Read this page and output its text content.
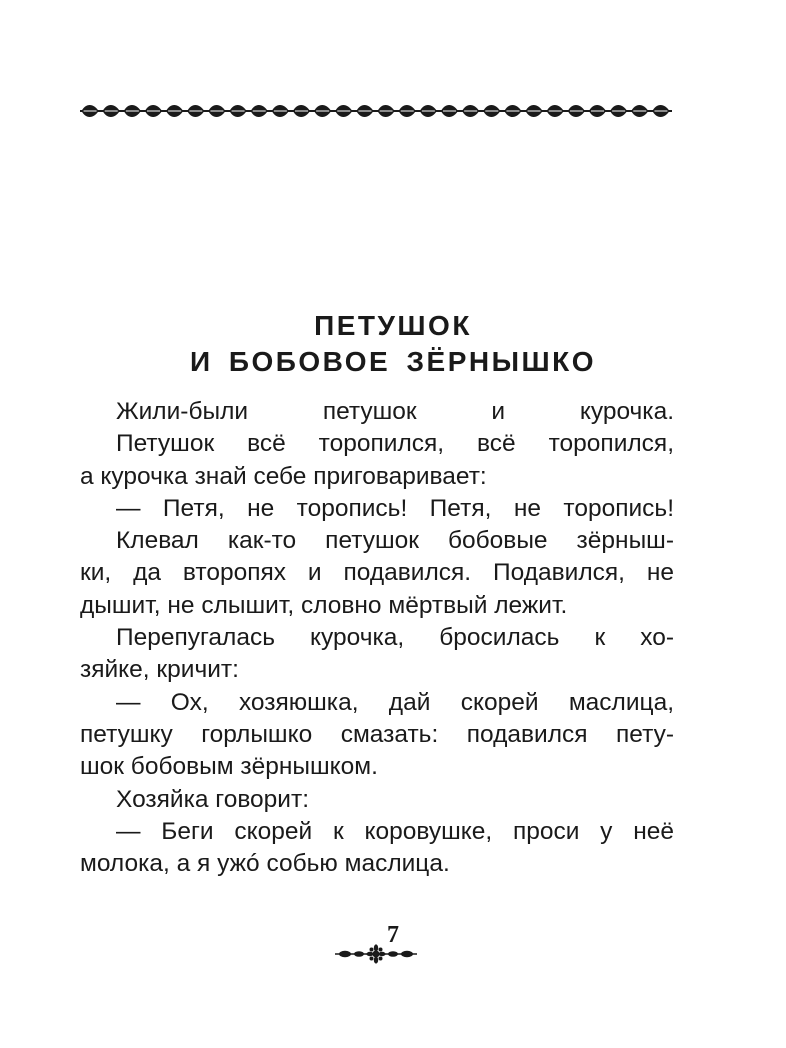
ПЕТУШОК
И БОБОВОЕ ЗЁРНЫШКО
Жили-были петушок и курочка.
Петушок всё торопился, всё торопился,
а курочка знай себе приговаривает:
— Петя, не торопись! Петя, не торопись!
Клевал как-то петушок бобовые зёрныш-
ки, да второпях и подавился. Подавился, не
дышит, не слышит, словно мёртвый лежит.
Перепугалась курочка, бросилась к хо-
зяйке, кричит:
— Ох, хозяюшка, дай скорей маслица,
петушку горлышко смазать: подавился пету-
шок бобовым зёрнышком.
Хозяйка говорит:
— Беги скорей к коровушке, проси у неё
молока, а я ужó собью маслица.
7
